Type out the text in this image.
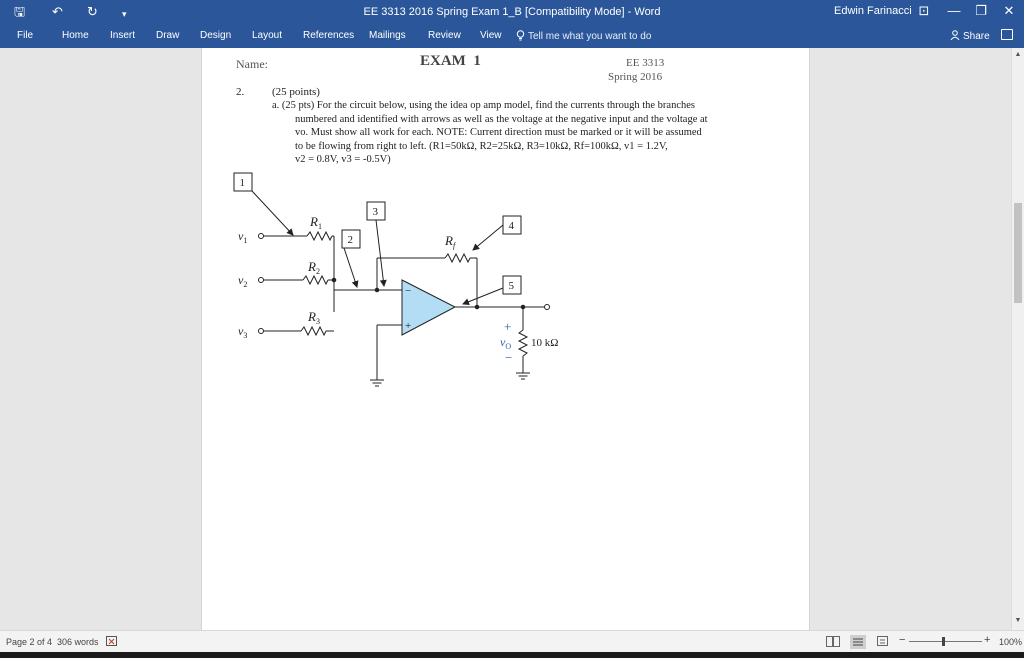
🖫 ↶ ↻	▾	EE 3313 2016 Spring Exam 1_B [Compatibility Mode] - Word	Edwin Farinacci ⊡	—	❐	✕
File	Home Insert Draw Design Layout References Mailings Review View	Tell me what you want to do	Share
Name:	EXAM  1	EE 3313
Spring 2016
2.	(25 points)
a. (25 pts) For the circuit below, using the idea op amp model, find the currents through the branches
numbered and identified with arrows as well as the voltage at the negative input and the voltage at
vo. Must show all work for each. NOTE: Current direction must be marked or it will be assumed
to be flowing from right to left. (R1=50kΩ, R2=25kΩ, R3=10kΩ, Rf=100kΩ, v1 = 1.2V,
v2 = 0.8V, v3 = -0.5V)
1
2
3
4
5
$v_1$
$v_2$
$v_3$
$R_1$
$R_2$
$R_3$
$R_f$
−
+	+
$v_O$
−
10 kΩ
▲
▼
Page 2 of 4 306 words	−	+ 100%
